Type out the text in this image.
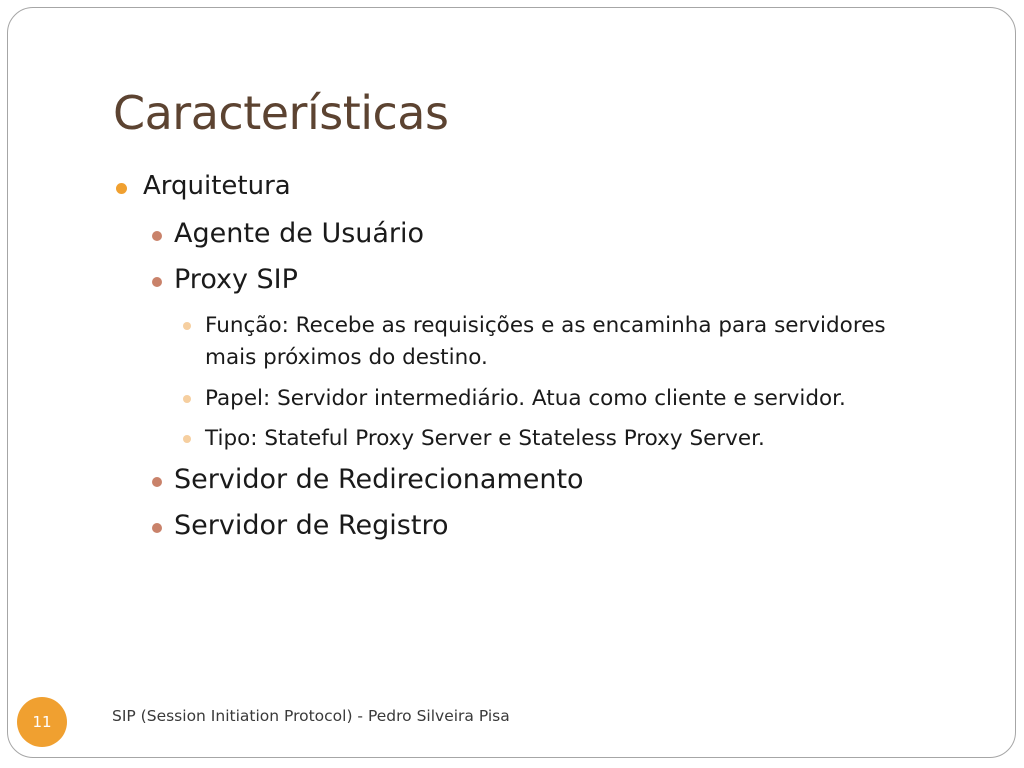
Características
Arquitetura
Agente de Usuário
Proxy SIP
Função: Recebe as requisições e as encaminha para servidores
mais próximos do destino.
Papel: Servidor intermediário. Atua como cliente e servidor.
Tipo: Stateful Proxy Server e Stateless Proxy Server.
Servidor de Redirecionamento
Servidor de Registro
11	SIP (Session Initiation Protocol) - Pedro Silveira Pisa
